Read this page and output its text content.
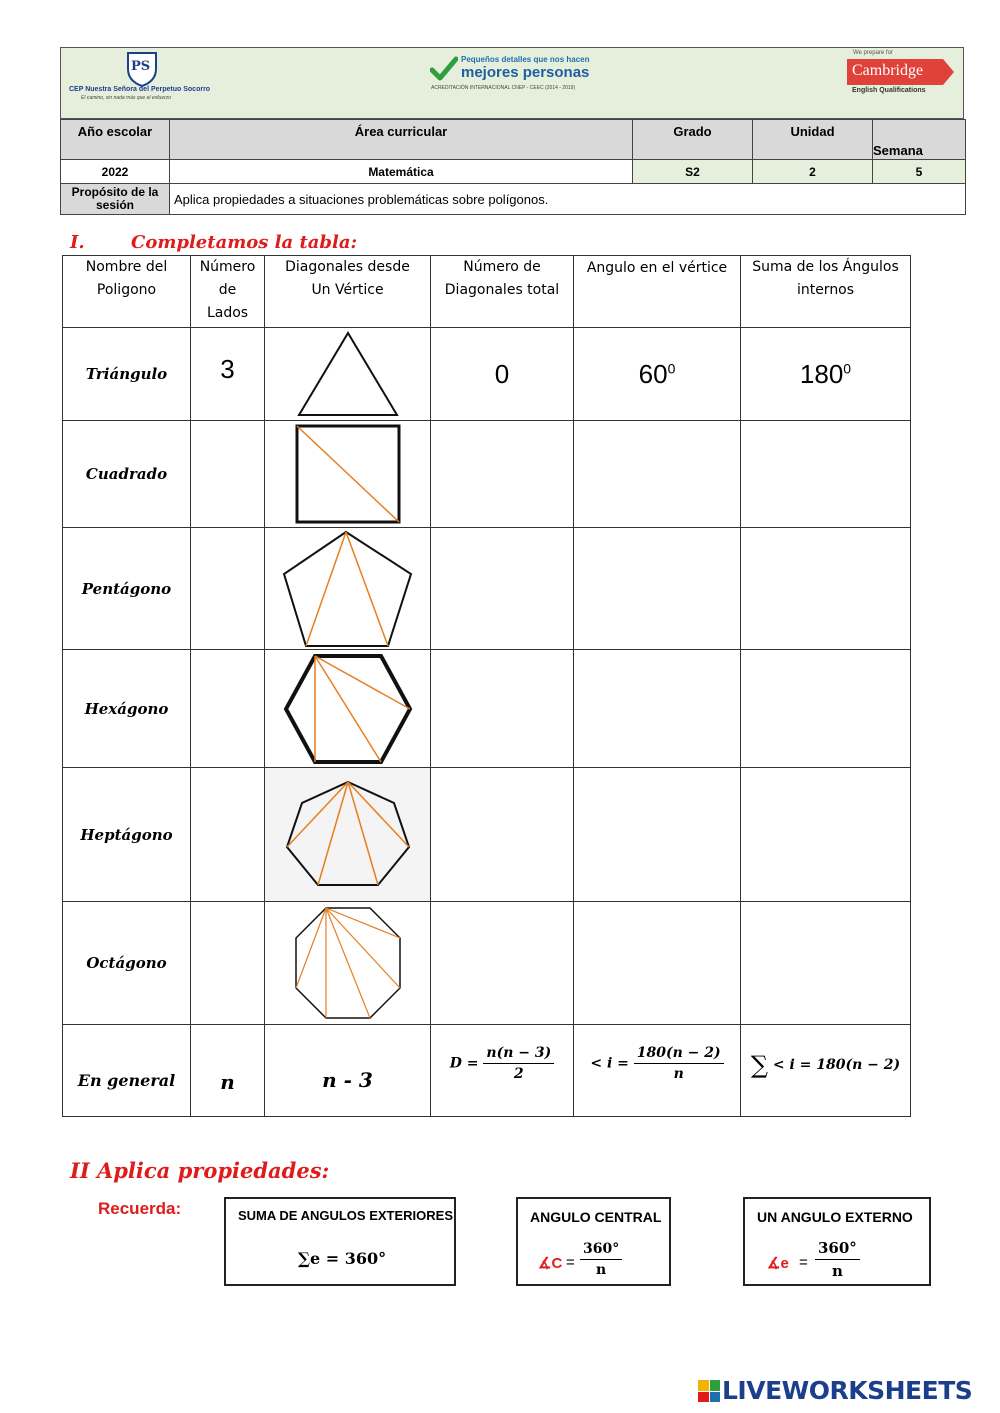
PS
CEP Nuestra Señora del Perpetuo Socorro
El camino, sin nada más que el esfuerzo
Pequeños detalles que nos hacen
mejores personas
ACREDITACIÓN INTERNACIONAL CNEP - CEEC (2014 - 2019)
We prepare for
Cambridge
English Qualifications
Año escolar	Área curricular	Grado	Unidad	Semana
2022	Matemática	S2	2	5
Propósito de la sesión	Aplica propiedades a situaciones problemáticas sobre polígonos.			
I.	Completamos la tabla:
Nombre del Poligono	Número de Lados	Diagonales desde Un Vértice	Número de Diagonales total	Angulo en el vértice	Suma de los Ángulos internos
Triángulo	3		0	$60^0$	$180^0$
Cuadrado		

Pentágono		

Hexágono		

Heptágono		

Octágono		

En general	n	n - 3	$D = \frac{n(n - 3)}{2}$	< $i = \frac{180(n - 2)}{n}$	∑ < i = 180(n − 2)
II Aplica propiedades:
Recuerda:	SUMA DE ANGULOS EXTERIORES
∑e = 360°
ANGULO CENTRAL
∡C = $\frac{360^\circ}{n}$
UN ANGULO EXTERNO
∡e = $\frac{360^\circ}{n}$
LIVEWORKSHEETS
